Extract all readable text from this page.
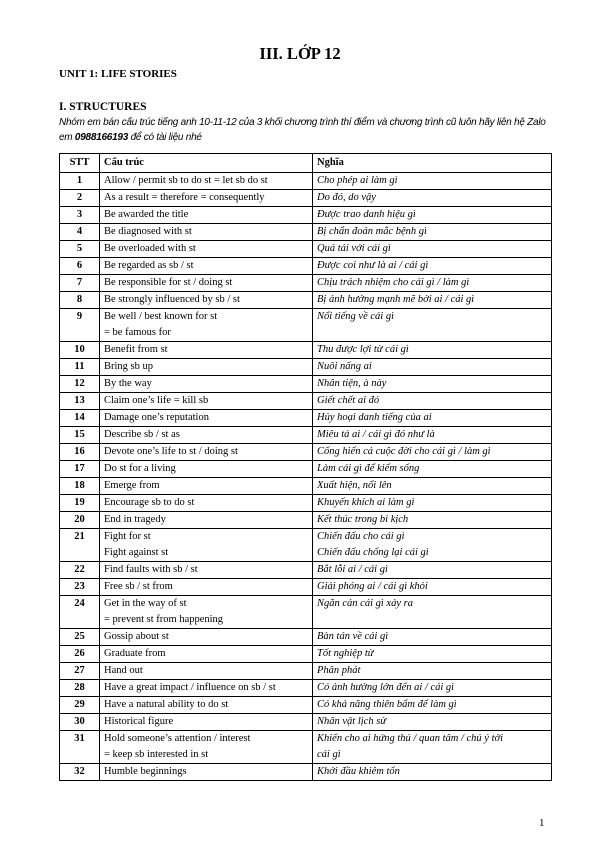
III. LỚP 12
UNIT 1: LIFE STORIES
I. STRUCTURES

Nhóm em bán cấu trúc tiếng anh 10-11-12 của 3 khối chương trình thí điểm và chương trình cũ luôn hãy liên hệ Zalo em 0988166193 để có tài liệu nhé

STT	Cấu trúc	Nghĩa
1	Allow / permit sb to do st = let sb do st	Cho phép ai làm gì

2	As a result = therefore = consequently	Do đó, do vậy

3	Be awarded the title	Được trao danh hiệu gì

4	Be diagnosed with st	Bị chẩn đoán mắc bệnh gì

5	Be overloaded with st	Quá tải với cái gì

6	Be regarded as sb / st	Được coi như là ai / cái gì

7	Be responsible for st / doing st	Chịu trách nhiệm cho cái gì / làm gì

8	Be strongly influenced by sb / st	Bị ảnh hưởng mạnh mẽ bởi ai / cái gì

9	Be well / best known for st
= be famous for	Nổi tiếng về cái gì

10	Benefit from st	Thu được lợi từ cái gì

11	Bring sb up	Nuôi nấng ai

12	By the way	Nhân tiện, à này

13	Claim one’s life = kill sb	Giết chết ai đó

14	Damage one’s reputation	Hủy hoại danh tiếng của ai

15	Describe sb / st as	Miêu tả ai / cái gì đó như là

16	Devote one’s life to st / doing st	Cống hiến cả cuộc đời cho cái gì / làm gì

17	Do st for a living	Làm cái gì để kiếm sống

18	Emerge from	Xuất hiện, nổi lên

19	Encourage sb to do st	Khuyến khích ai làm gì

20	End in tragedy	Kết thúc trong bi kịch

21	Fight for st
Fight against st	Chiến đấu cho cái gì
Chiến đấu chống lại cái gì

22	Find faults with sb / st	Bắt lỗi ai / cái gì

23	Free sb / st from	Giải phóng ai / cái gì khỏi

24	Get in the way of st
= prevent st from happening	Ngăn cản cái gì xảy ra

25	Gossip about st	Bàn tán về cái gì

26	Graduate from	Tốt nghiệp từ

27	Hand out	Phân phát

28	Have a great impact / influence on sb / st	Có ảnh hưởng lớn đến ai / cái gì

29	Have a natural ability to do st	Có khả năng thiên bẩm để làm gì

30	Historical figure	Nhân vật lịch sử

31	Hold someone’s attention / interest
= keep sb interested in st	Khiến cho ai hứng thú / quan tâm / chú ý tới
cái gì

32	Humble beginnings	Khởi đầu khiêm tốn

1
